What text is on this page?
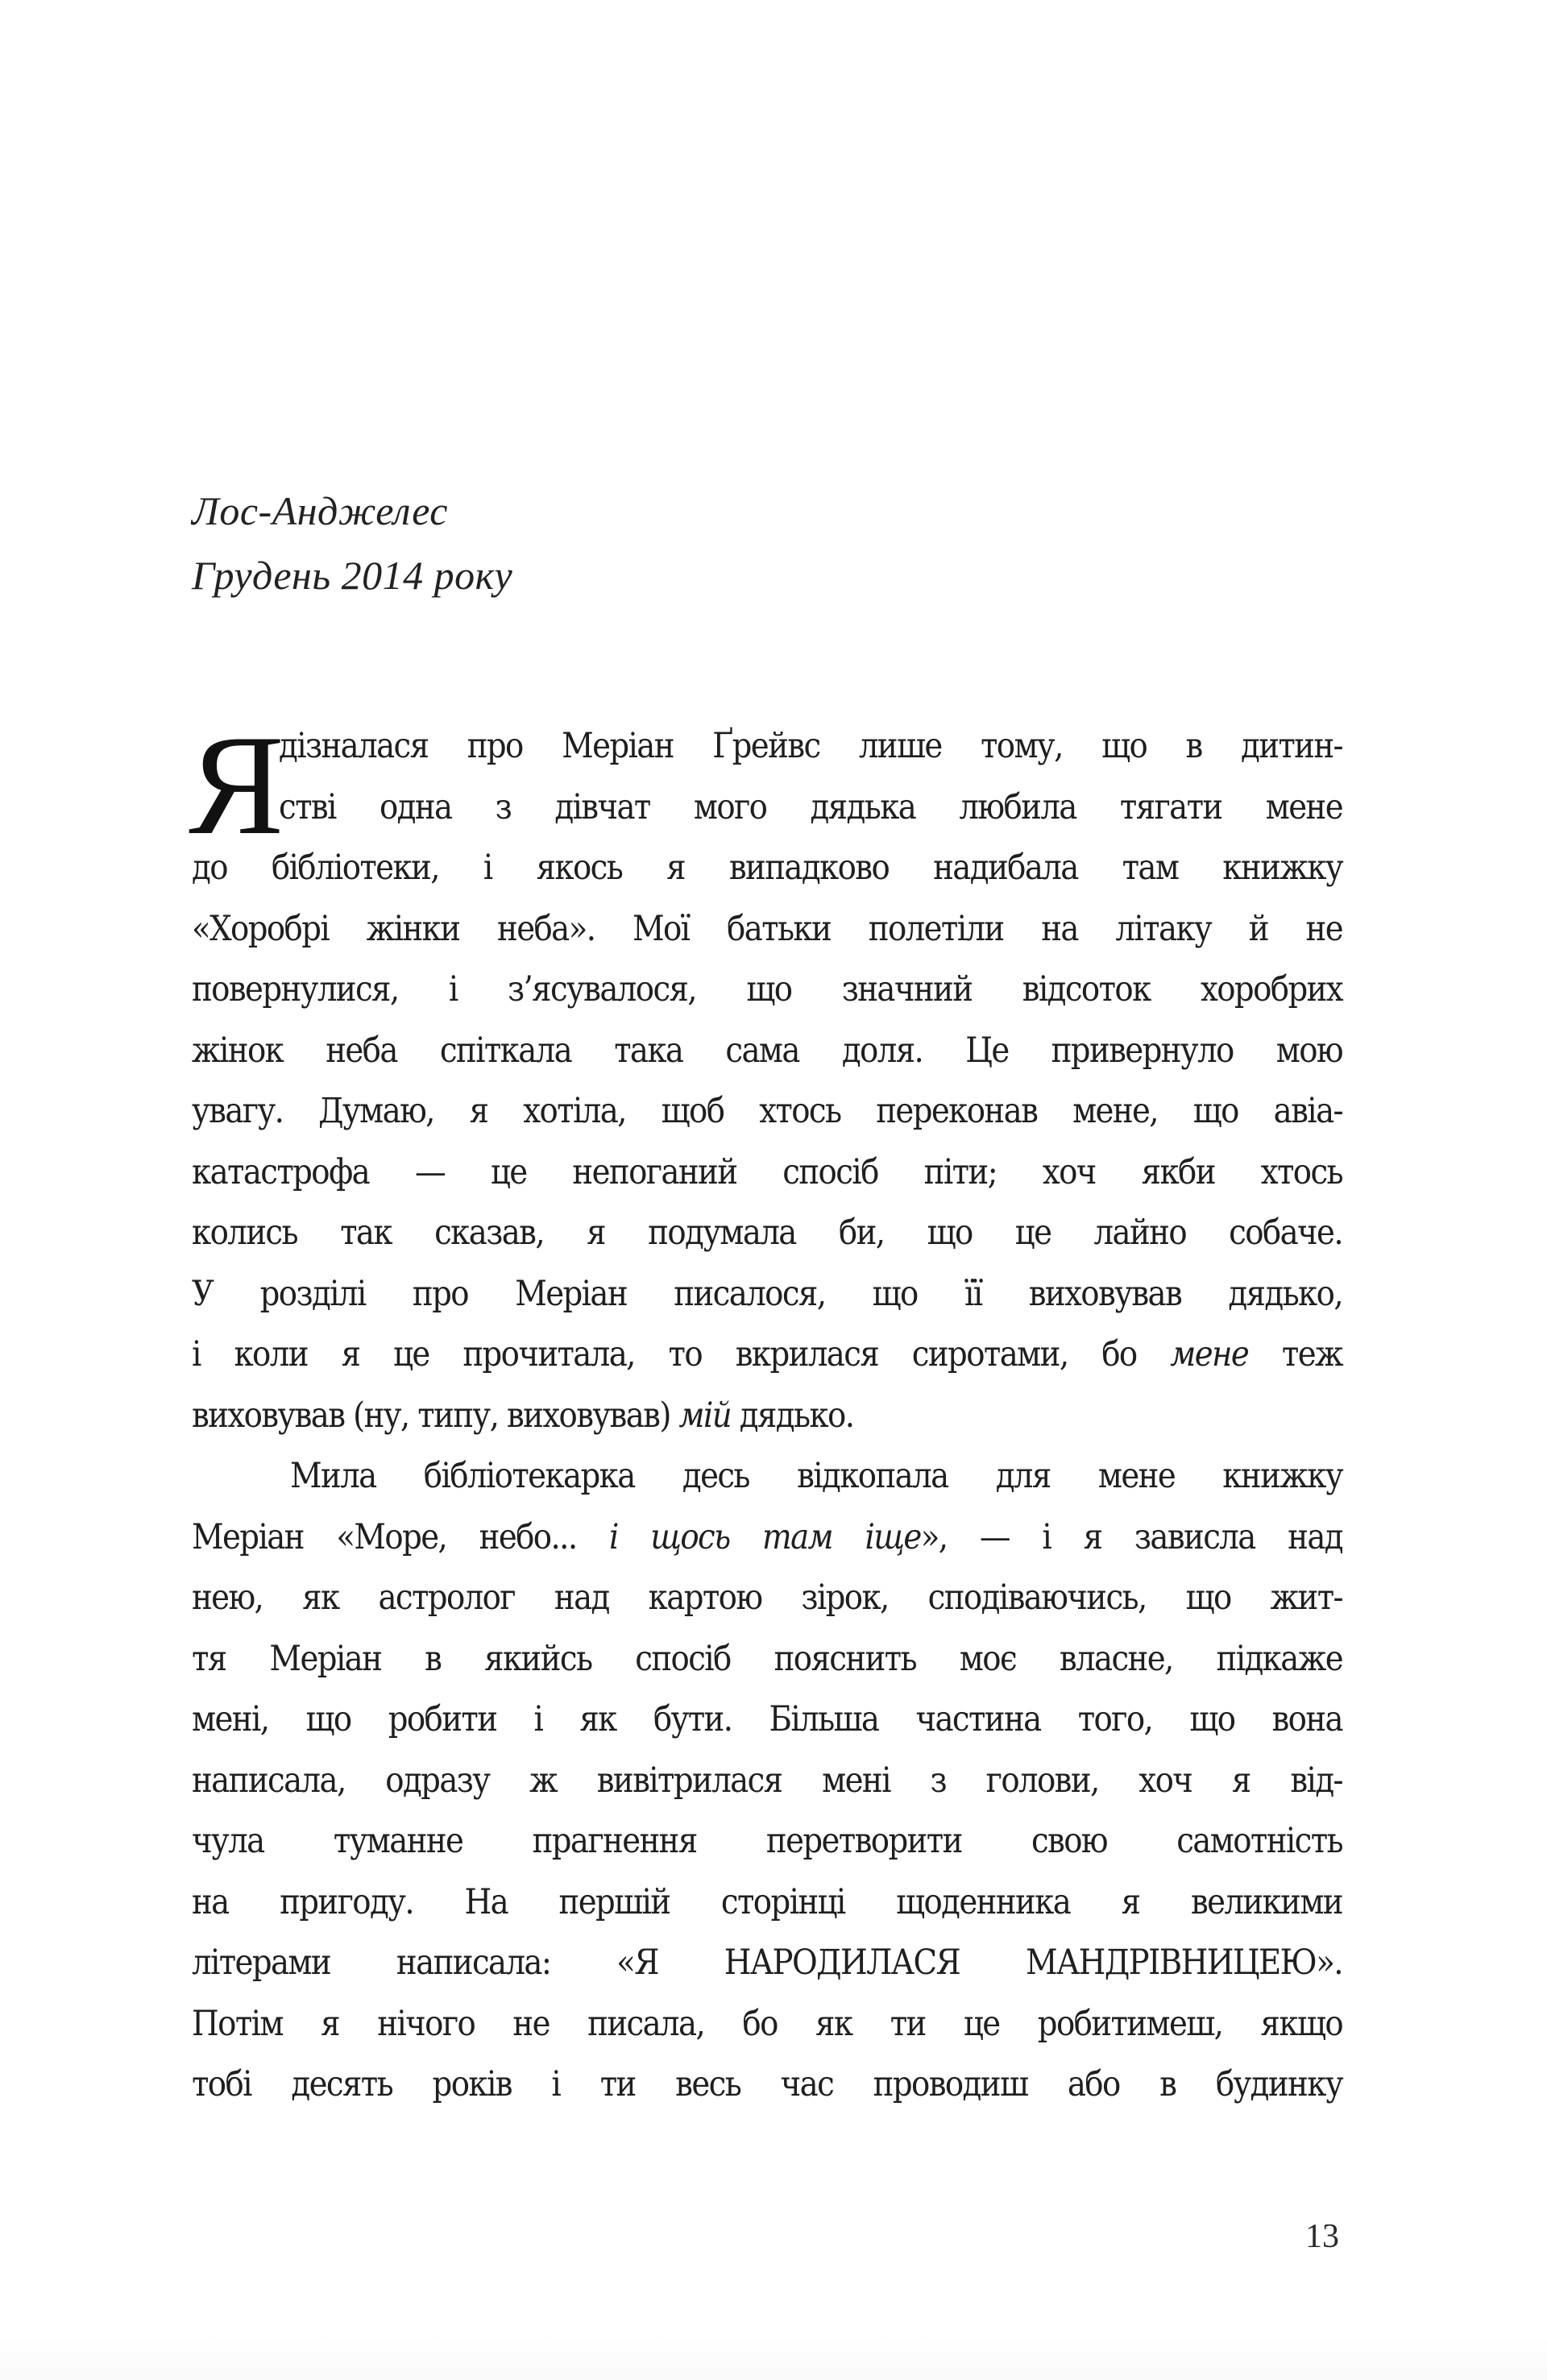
Лос-Анджелес
Грудень 2014 року
Я
дізналася про Меріан Ґрейвс лише тому, що в дитин-
стві одна з дівчат мого дядька любила тягати мене
до бібліотеки, і якось я випадково надибала там книжку
«Хоробрі жінки неба». Мої батьки полетіли на літаку й не
повернулися, і з’ясувалося, що значний відсоток хоробрих
жінок неба спіткала така сама доля. Це привернуло мою
увагу. Думаю, я хотіла, щоб хтось переконав мене, що авіа-
катастрофа — це непоганий спосіб піти; хоч якби хтось
колись так сказав, я подумала би, що це лайно собаче.
У розділі про Меріан писалося, що її виховував дядько,
і коли я це прочитала, то вкрилася сиротами, бо мене теж
виховував (ну, типу, виховував) мій дядько.
Мила бібліотекарка десь відкопала для мене книжку
Меріан «Море, небо... і щось там іще», — і я зависла над
нею, як астролог над картою зірок, сподіваючись, що жит-
тя Меріан в якийсь спосіб пояснить моє власне, підкаже
мені, що робити і як бути. Більша частина того, що вона
написала, одразу ж вивітрилася мені з голови, хоч я від-
чула туманне прагнення перетворити свою самотність
на пригоду. На першій сторінці щоденника я великими
літерами написала: «Я НАРОДИЛАСЯ МАНДРІВНИЦЕЮ».
Потім я нічого не писала, бо як ти це робитимеш, якщо
тобі десять років і ти весь час проводиш або в будинку
13
